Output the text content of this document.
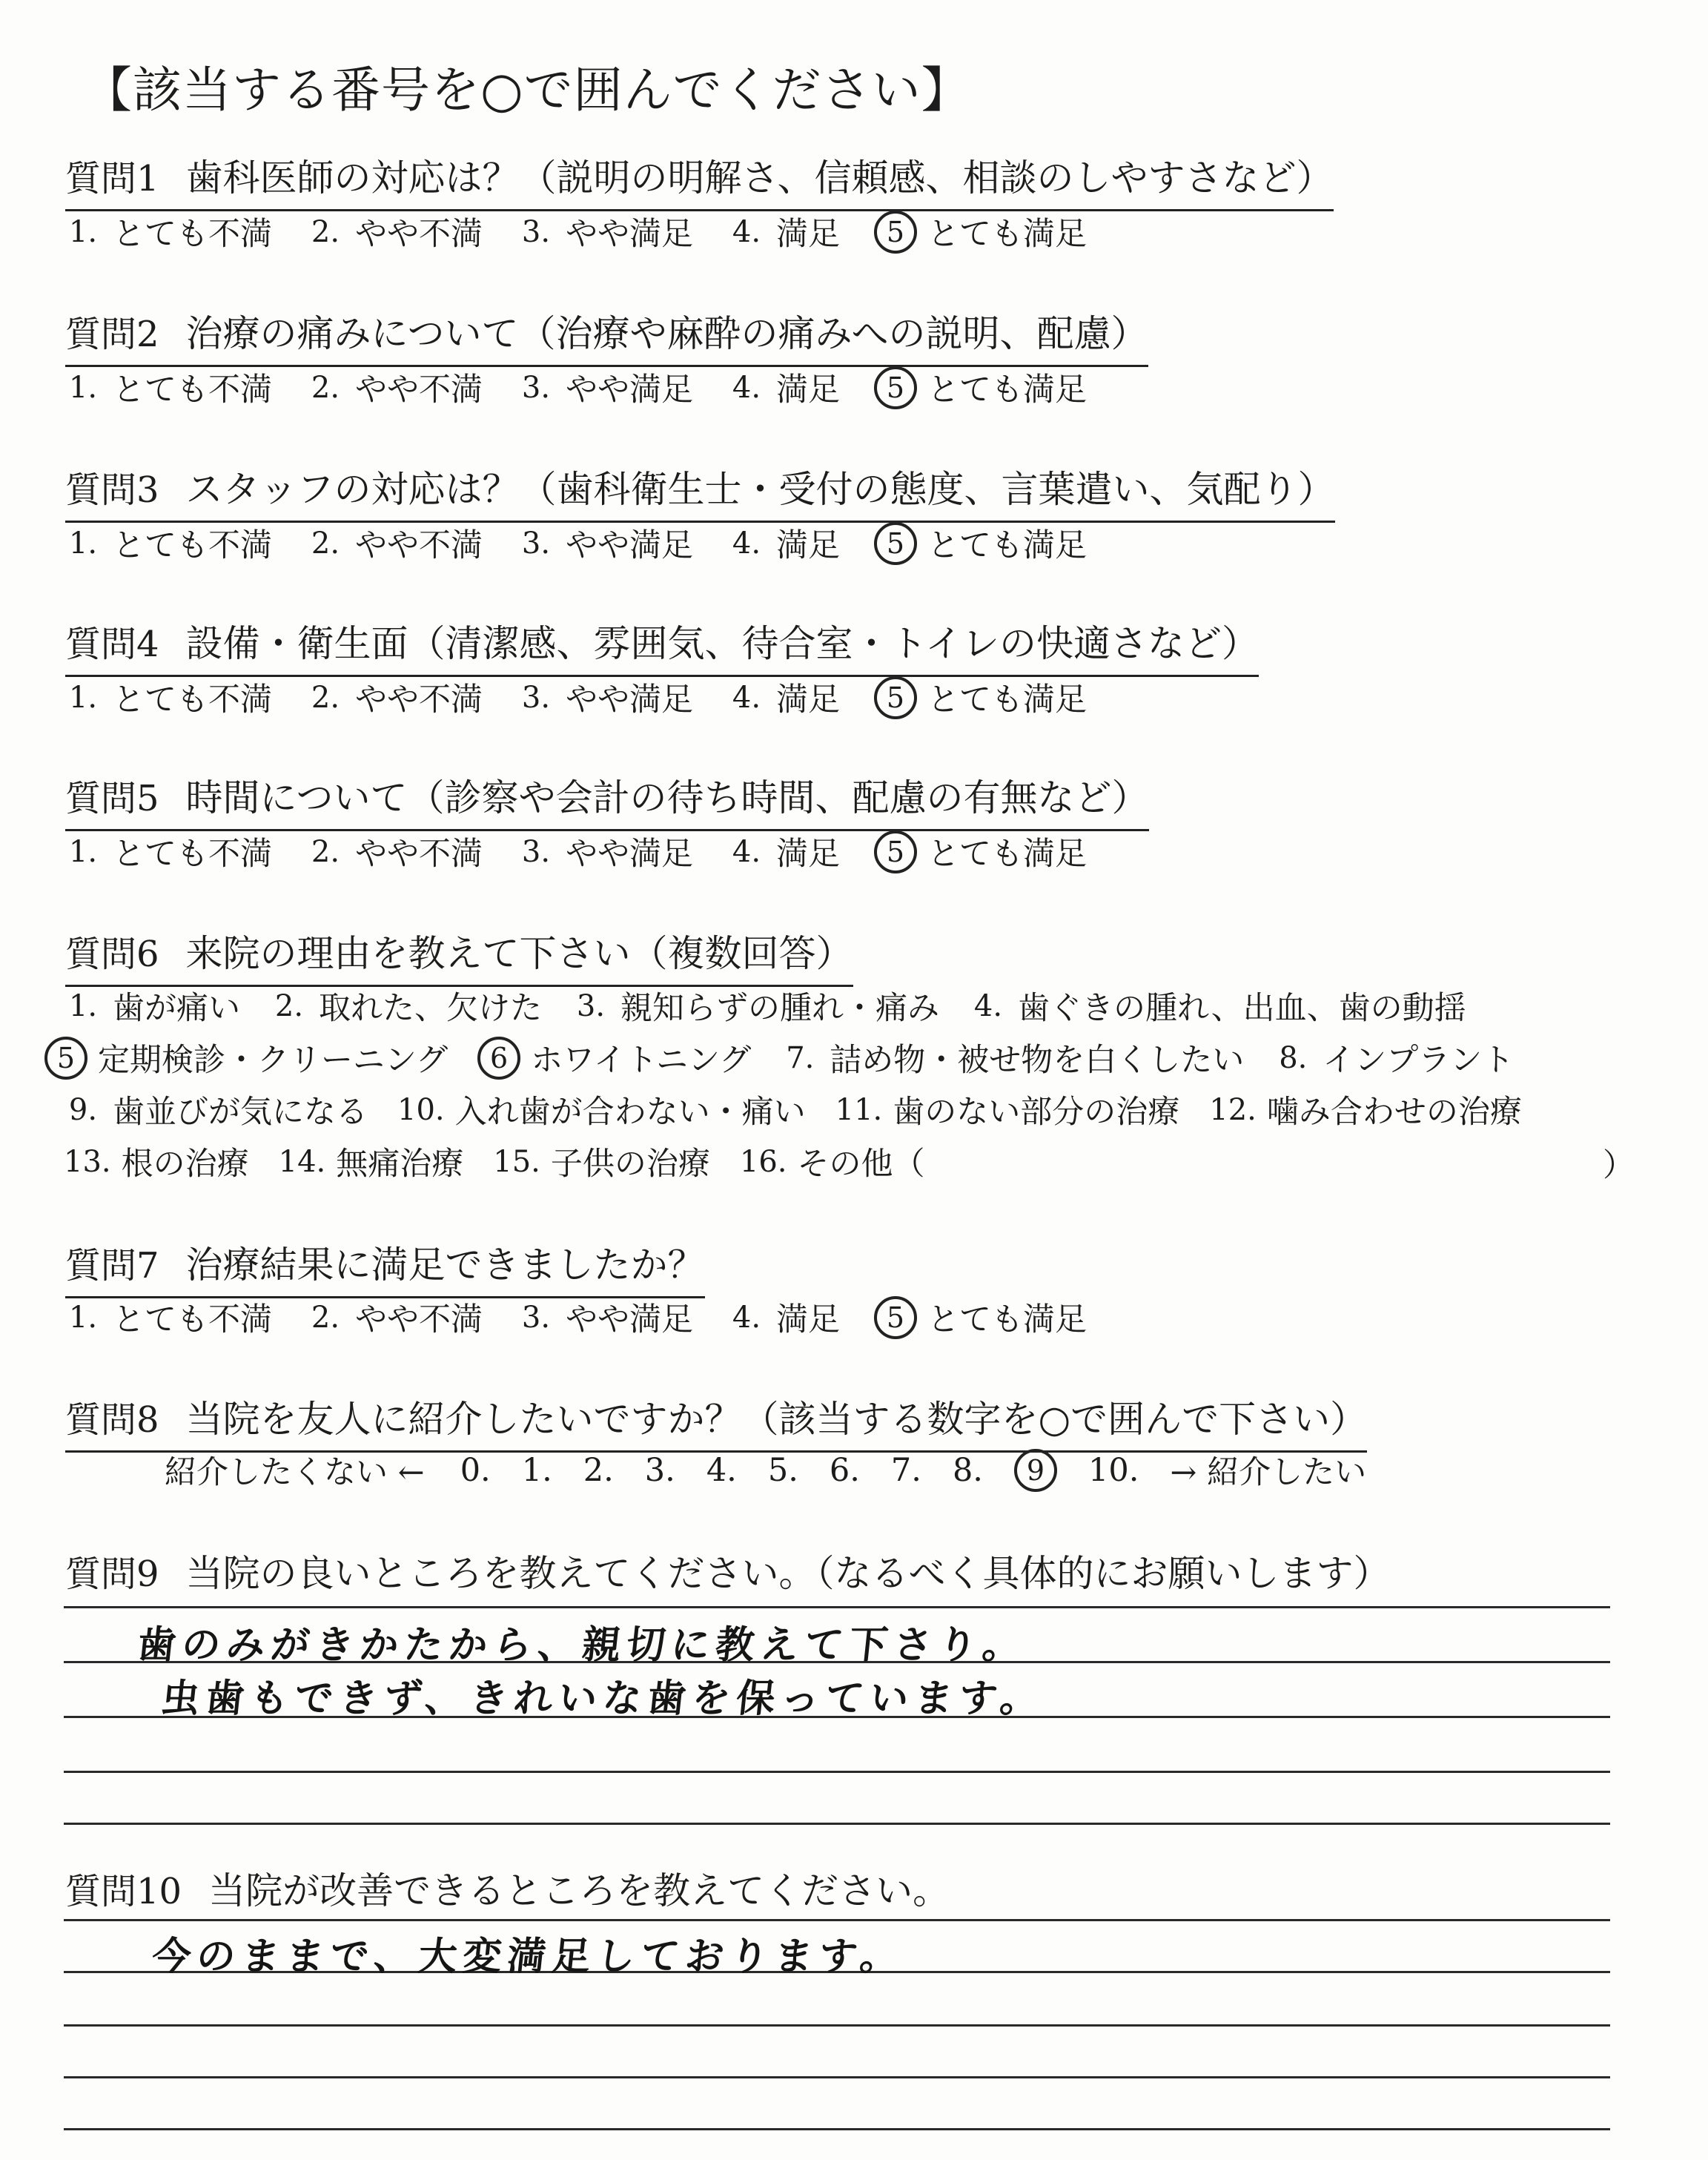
【該当する番号を○で囲んでください】
質問1 歯科医師の対応は？（説明の明解さ、信頼感、相談のしやすさなど）
1. とても不満 2. やや不満 3. やや満足 4. 満足	5 とても満足
質問2 治療の痛みについて（治療や麻酔の痛みへの説明、配慮）
1. とても不満 2. やや不満 3. やや満足 4. 満足	5 とても満足
質問3 スタッフの対応は？（歯科衛生士・受付の態度、言葉遣い、気配り）
1. とても不満 2. やや不満 3. やや満足 4. 満足	5 とても満足
質問4 設備・衛生面（清潔感、雰囲気、待合室・トイレの快適さなど）
1. とても不満 2. やや不満 3. やや満足 4. 満足	5 とても満足
質問5 時間について（診察や会計の待ち時間、配慮の有無など）
1. とても不満 2. やや不満 3. やや満足 4. 満足	5 とても満足
質問6 来院の理由を教えて下さい（複数回答）
1. 歯が痛い 2. 取れた、欠けた 3. 親知らずの腫れ・痛み 4. 歯ぐきの腫れ、出血、歯の動揺
5 定期検診・クリーニング	6 ホワイトニング 7. 詰め物・被せ物を白くしたい 8. インプラント
9. 歯並びが気になる 10. 入れ歯が合わない・痛い 11. 歯のない部分の治療 12. 噛み合わせの治療
13. 根の治療 14. 無痛治療 15. 子供の治療 16. その他（	）
質問7 治療結果に満足できましたか？
1. とても不満 2. やや不満 3. やや満足 4. 満足	5 とても満足
質問8 当院を友人に紹介したいですか？（該当する数字を○で囲んで下さい）
紹介したくない ← 0. 1. 2. 3. 4. 5. 6. 7. 8.	9	10. → 紹介したい
質問9 当院の良いところを教えてください。（なるべく具体的にお願いします）
歯のみがきかたから、親切に教えて下さり。
虫歯もできず、きれいな歯を保っています。
質問10 当院が改善できるところを教えてください。
今のままで、大変満足しております。
